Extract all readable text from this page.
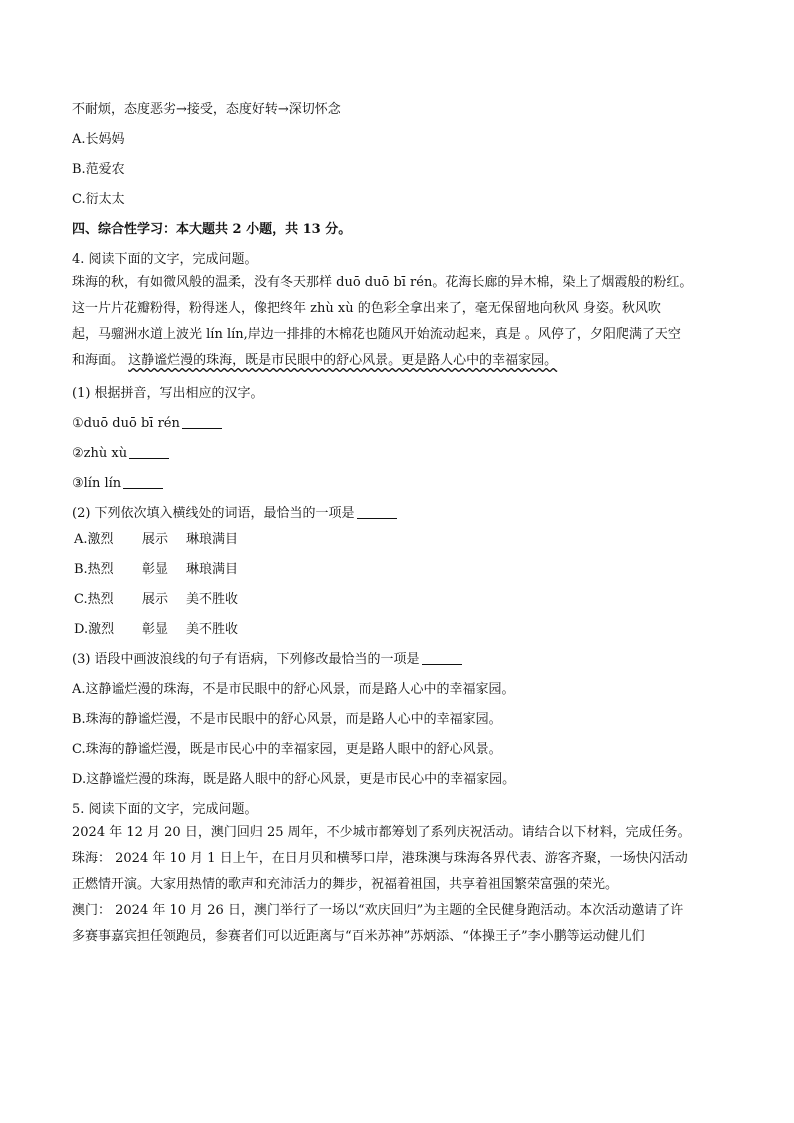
不耐烦，态度恶劣→接受，态度好转→深切怀念
A.长妈妈
B.范爱农
C.衍太太
四、综合性学习：本大题共 2 小题，共 13 分。
4. 阅读下面的文字，完成问题。
珠海的秋，有如微风般的温柔，没有冬天那样 duō duō bī rén。花海长廊的异木棉，染上了烟霞般的粉红。
这一片片花瓣粉得，粉得迷人，像把终年 zhù xù 的色彩全拿出来了，毫无保留地向秋风 身姿。秋风吹
起，马骝洲水道上波光 lín lín,岸边一排排的木棉花也随风开始流动起来，真是 。风停了，夕阳爬满了天空
和海面。 这静谧烂漫的珠海，既是市民眼中的舒心风景。更是路人心中的幸福家园。
(1) 根据拼音，写出相应的汉字。
①duō duō bī rén
②zhù xù
③lín lín
(2) 下列依次填入横线处的词语，最恰当的一项是
A.激烈 展示 琳琅满目
B.热烈 彰显 琳琅满目
C.热烈 展示 美不胜收
D.激烈 彰显 美不胜收
(3) 语段中画波浪线的句子有语病，下列修改最恰当的一项是
A.这静谧烂漫的珠海，不是市民眼中的舒心风景，而是路人心中的幸福家园。
B.珠海的静谧烂漫，不是市民眼中的舒心风景，而是路人心中的幸福家园。
C.珠海的静谧烂漫，既是市民心中的幸福家园，更是路人眼中的舒心风景。
D.这静谧烂漫的珠海，既是路人眼中的舒心风景，更是市民心中的幸福家园。
5. 阅读下面的文字，完成问题。
2024 年 12 月 20 日，澳门回归 25 周年，不少城市都筹划了系列庆祝活动。请结合以下材料，完成任务。
珠海： 2024 年 10 月 1 日上午，在日月贝和横琴口岸，港珠澳与珠海各界代表、游客齐聚，一场快闪活动
正燃情开演。大家用热情的歌声和充沛活力的舞步，祝福着祖国，共享着祖国繁荣富强的荣光。
澳门： 2024 年 10 月 26 日，澳门举行了一场以“欢庆回归”为主题的全民健身跑活动。本次活动邀请了许
多赛事嘉宾担任领跑员，参赛者们可以近距离与“百米苏神”苏炳添、“体操王子”李小鹏等运动健儿们
